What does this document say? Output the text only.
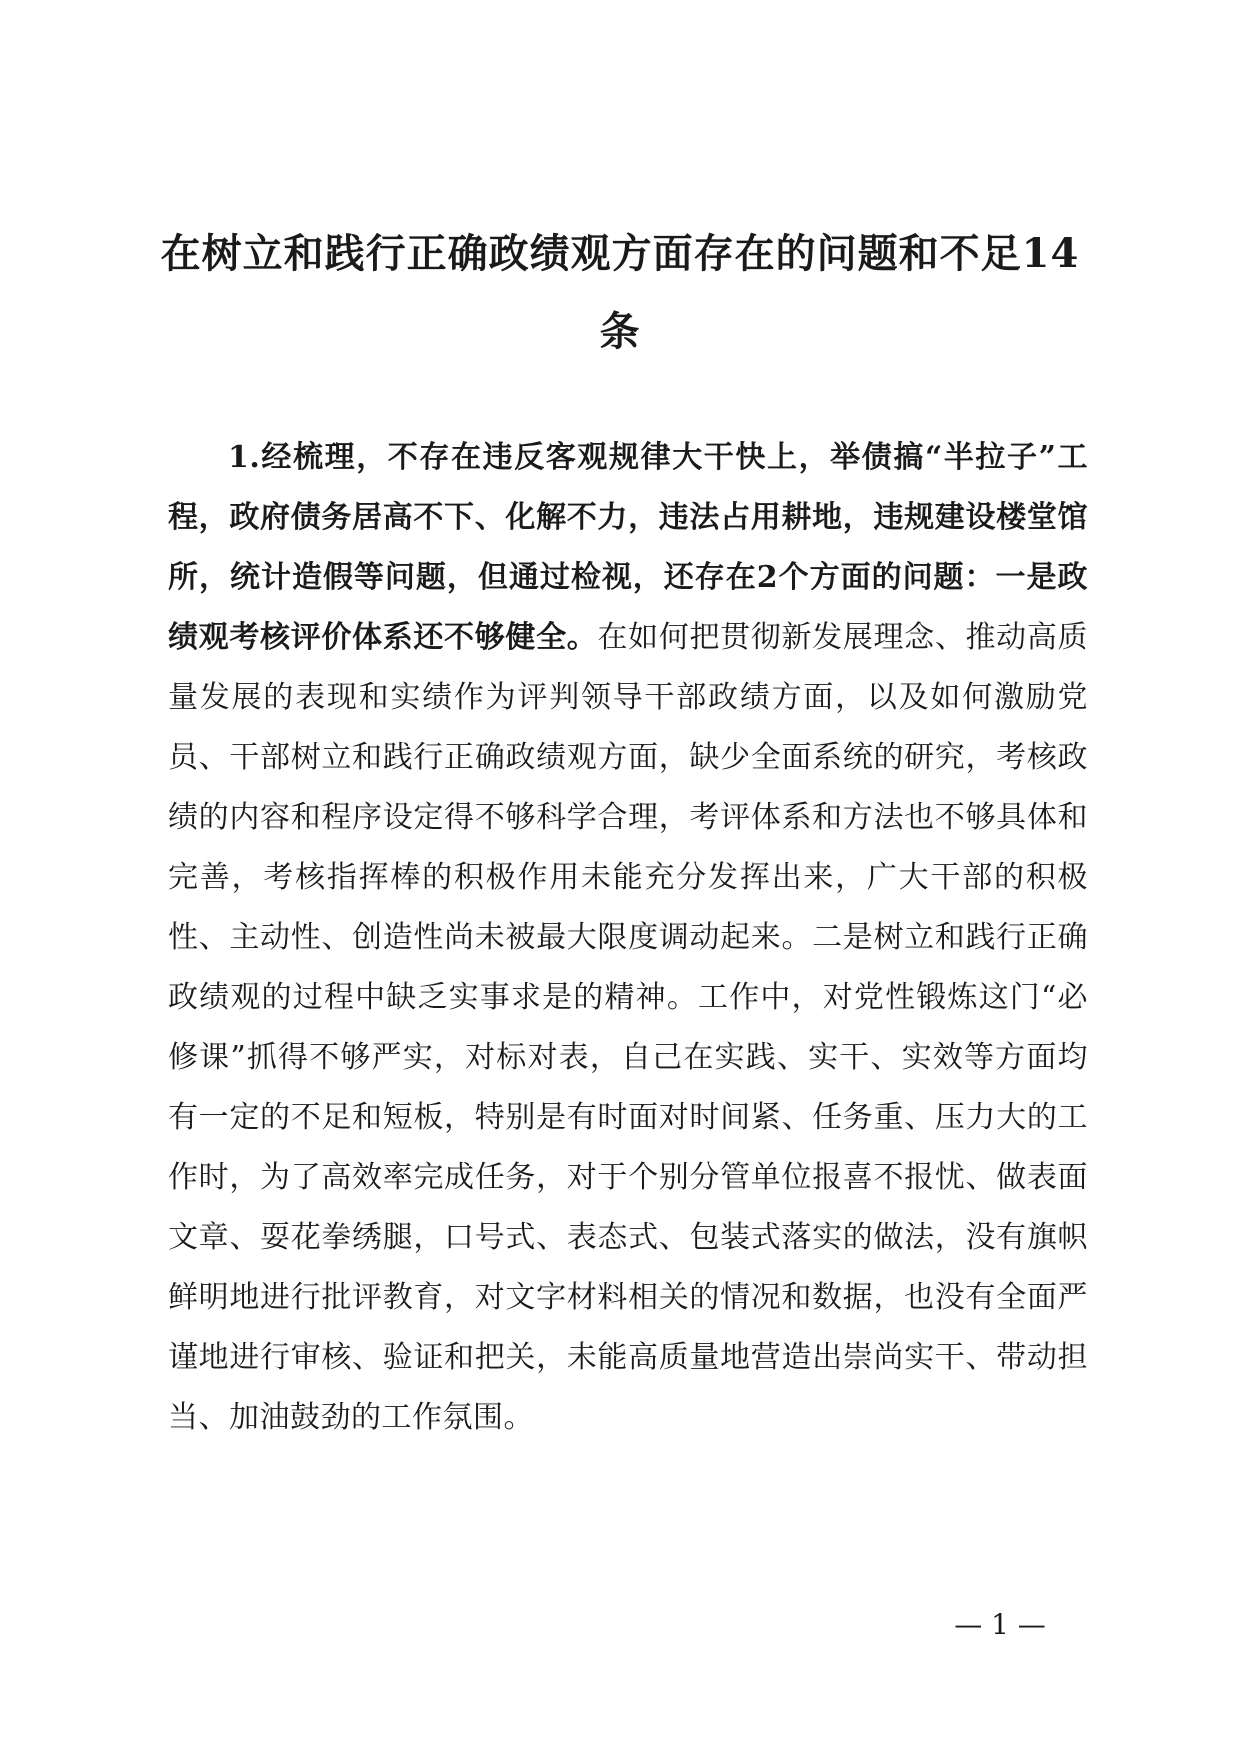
在树立和践行正确政绩观方面存在的问题和不足14条

1.经梳理，不存在违反客观规律大干快上，举债搞“半拉子”工程，政府债务居高不下、化解不力，违法占用耕地，违规建设楼堂馆所，统计造假等问题，但通过检视，还存在2个方面的问题：一是政绩观考核评价体系还不够健全。在如何把贯彻新发展理念、推动高质量发展的表现和实绩作为评判领导干部政绩方面，以及如何激励党员、干部树立和践行正确政绩观方面，缺少全面系统的研究，考核政绩的内容和程序设定得不够科学合理，考评体系和方法也不够具体和完善，考核指挥棒的积极作用未能充分发挥出来，广大干部的积极性、主动性、创造性尚未被最大限度调动起来。二是树立和践行正确政绩观的过程中缺乏实事求是的精神。工作中，对党性锻炼这门“必修课”抓得不够严实，对标对表，自己在实践、实干、实效等方面均有一定的不足和短板，特别是有时面对时间紧、任务重、压力大的工作时，为了高效率完成任务，对于个别分管单位报喜不报忧、做表面文章、耍花拳绣腿，口号式、表态式、包装式落实的做法，没有旗帜鲜明地进行批评教育，对文字材料相关的情况和数据，也没有全面严谨地进行审核、验证和把关，未能高质量地营造出崇尚实干、带动担当、加油鼓劲的工作氛围。

— 1 —
